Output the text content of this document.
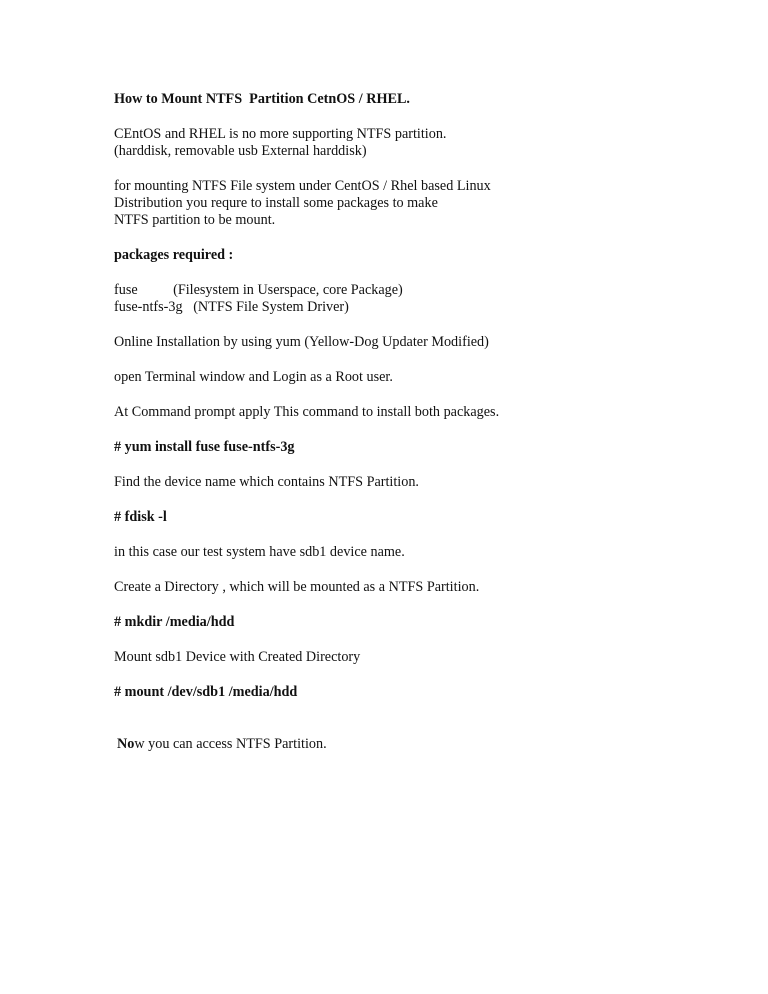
How to Mount NTFS  Partition CetnOS / RHEL.
CEntOS and RHEL is no more supporting NTFS partition.
(harddisk, removable usb External harddisk)
for mounting NTFS File system under CentOS / Rhel based Linux
Distribution you requre to install some packages to make
NTFS partition to be mount.
packages required :
fuse          (Filesystem in Userspace, core Package)
fuse-ntfs-3g   (NTFS File System Driver)
Online Installation by using yum (Yellow-Dog Updater Modified)
open Terminal window and Login as a Root user.
At Command prompt apply This command to install both packages.
# yum install fuse fuse-ntfs-3g
Find the device name which contains NTFS Partition.
# fdisk -l
in this case our test system have sdb1 device name.
Create a Directory , which will be mounted as a NTFS Partition.
# mkdir /media/hdd
Mount sdb1 Device with Created Directory
# mount /dev/sdb1 /media/hdd
Now you can access NTFS Partition.
